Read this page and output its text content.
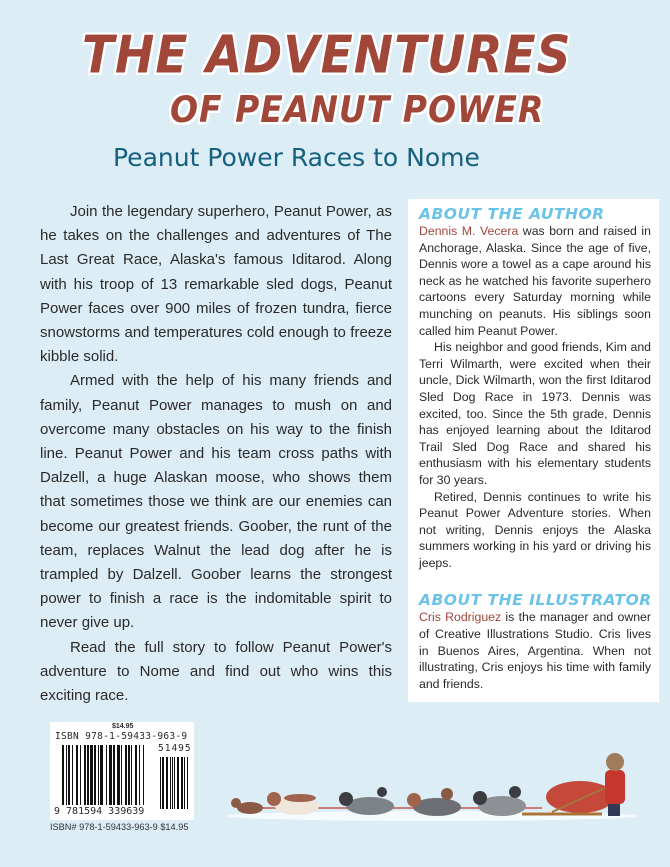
THE ADVENTURES
OF PEANUT POWER
Peanut Power Races to Nome

Join the legendary superhero, Peanut Power, as he takes on the challenges and adventures of The Last Great Race, Alaska's famous Iditarod. Along with his troop of 13 remarkable sled dogs, Peanut Power faces over 900 miles of frozen tundra, fierce snowstorms and temperatures cold enough to freeze kibble solid.

Armed with the help of his many friends and family, Peanut Power manages to mush on and overcome many obstacles on his way to the finish line. Peanut Power and his team cross paths with Dalzell, a huge Alaskan moose, who shows them that sometimes those we think are our enemies can become our greatest friends. Goober, the runt of the team, replaces Walnut the lead dog after he is trampled by Dalzell. Goober learns the strongest power to finish a race is the indomitable spirit to never give up.

Read the full story to follow Peanut Power's adventure to Nome and find out who wins this exciting race.

$14.95
ISBN 978-1-59433-963-9
51495
9 781594 339639
ISBN# 978-1-59433-963-9 $14.95
ABOUT THE AUTHOR

Dennis M. Vecera was born and raised in Anchorage, Alaska. Since the age of five, Dennis wore a towel as a cape around his neck as he watched his favorite superhero cartoons every Saturday morning while munching on peanuts. His siblings soon called him Peanut Power.

His neighbor and good friends, Kim and Terri Wilmarth, were excited when their uncle, Dick Wilmarth, won the first Iditarod Sled Dog Race in 1973. Dennis was excited, too. Since the 5th grade, Dennis has enjoyed learning about the Iditarod Trail Sled Dog Race and shared his enthusiasm with his elementary students for 30 years.

Retired, Dennis continues to write his Peanut Power Adventure stories. When not writing, Dennis enjoys the Alaska summers working in his yard or driving his jeeps.

ABOUT THE ILLUSTRATOR

Cris Rodriguez is the manager and owner of Creative Illustrations Studio. Cris lives in Buenos Aires, Argentina. When not illustrating, Cris enjoys his time with family and friends.
